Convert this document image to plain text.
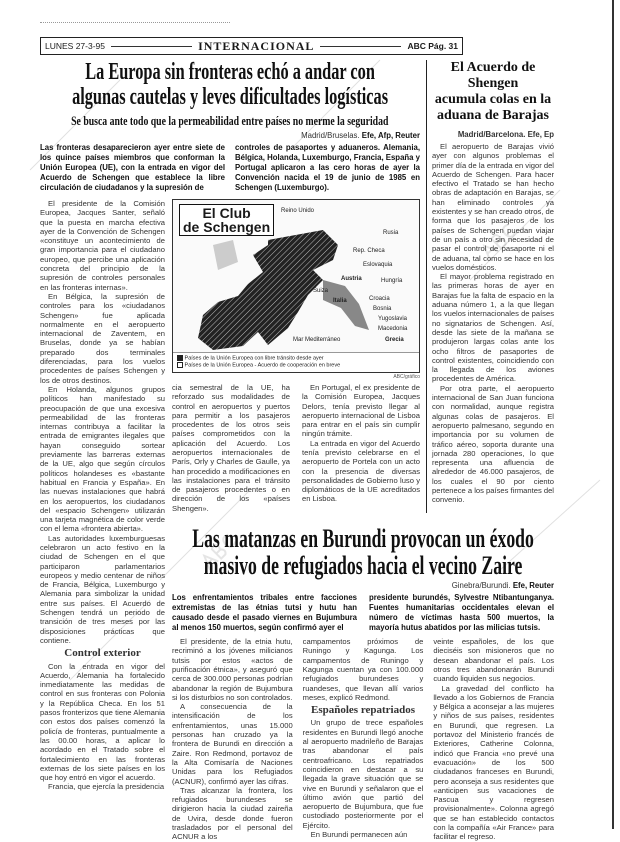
LUNES 27-3-95	INTERNACIONAL	ABC Pág. 31
La Europa sin fronteras echó a andar con
algunas cautelas y leves dificultades logísticas
Se busca ante todo que la permeabilidad entre países no merme la seguridad
Madrid/Bruselas. Efe, Afp, Reuter
Las fronteras desaparecieron ayer entre siete de los quince países miembros que conforman la Unión Europea (UE), con la entrada en vigor del Acuerdo de Schengen que establece la libre circulación de ciudadanos y la supresión de
controles de pasaportes y aduaneros. Alemania, Bélgica, Holanda, Luxemburgo, Francia, España y Portugal aplicaron a las cero horas de ayer la Convención nacida el 19 de junio de 1985 en Schengen (Luxemburgo).
El Acuerdo de Shengen
acumula colas en la
aduana de Barajas
Madrid/Barcelona. Efe, Ep

El aeropuerto de Barajas vivió ayer con algunos problemas el primer día de la entrada en vigor del Acuerdo de Schengen. Para hacer efectivo el Tratado se han hecho obras de adaptación en Barajas, se han eliminado controles ya existentes y se han creado otros, de forma que los pasajeros de los países de Schengen puedan viajar de un país a otro sin necesidad de pasar el control de pasaporte ni el de aduana, tal como se hace en los vuelos domésticos.

El mayor problema registrado en las primeras horas de ayer en Barajas fue la falta de espacio en la aduana número 1, a la que llegan los vuelos internacionales de países no signatarios de Schengen. Así, desde las siete de la mañana se produjeron largas colas ante los ocho filtros de pasaportes de control existentes, coincidiendo con la llegada de los aviones procedentes de América.

Por otra parte, el aeropuerto internacional de San Juan funciona con normalidad, aunque registra algunas colas de pasajeros. El aeropuerto palmesano, segundo en importancia por su volumen de tráfico aéreo, soporta durante una jornada 280 operaciones, lo que representa una afluencia de alrededor de 46.000 pasajeros, de los cuales el 90 por ciento pertenece a los países firmantes del convenio.

El presidente de la Comisión Europea, Jacques Santer, señaló que la puesta en marcha efectiva ayer de la Convención de Schengen «constituye un acontecimiento de gran importancia para el ciudadano europeo, que percibe una aplicación concreta del principio de la supresión de controles personales en las fronteras internas».

En Bélgica, la supresión de controles para los «ciudadanos Schengen» fue aplicada normalmente en el aeropuerto internacional de Zaventem, en Bruselas, donde ya se habían preparado dos terminales diferenciadas, para los vuelos procedentes de países Schengen y los de otros destinos.

En Holanda, algunos grupos políticos han manifestado su preocupación de que una excesiva permeabilidad de las fronteras internas contribuya a facilitar la entrada de emigrantes ilegales que hayan conseguido sortear previamente las barreras externas de la UE, algo que según círculos políticos holandeses es «bastante habitual en Francia y España». En las nuevas instalaciones que habrá en los aeropuertos, los ciudadanos del «espacio Schengen» utilizarán una tarjeta magnética de color verde con el lema «frontera abierta».

Las autoridades luxemburguesas celebraron un acto festivo en la ciudad de Schengen en el que participaron parlamentarios europeos y medio centenar de niños de Francia, Bélgica, Luxemburgo y Alemania para simbolizar la unidad entre sus países. El Acuerdo de Schengen tendrá un periodo de transición de tres meses por las disposiciones prácticas que contiene.

Control exterior

Con la entrada en vigor del Acuerdo, Alemania ha fortalecido inmediatamente las medidas de control en sus fronteras con Polonia y la República Checa. En los 51 pasos fronterizos que tiene Alemania con estos dos países comenzó la policía de fronteras, puntualmente a las 00.00 horas, a aplicar lo acordado en el Tratado sobre el fortalecimiento en las fronteras externas de los siete países en los que hoy entró en vigor el acuerdo.

Francia, que ejercía la presidencia

El Club
de Schengen
Reino Unido
Rusia
Rep. Checa
Eslovaquia
Austria	Hungría
Suiza
Italia	Croacia
Bosnia
Yugoslavia
Macedonia
Grecia
Mar Mediterráneo
Países de la Unión Europea con libre tránsito desde ayer
Países de la Unión Europea - Acuerdo de cooperación en breve
ABC/gráfico

cia semestral de la UE, ha reforzado sus modalidades de control en aeropuertos y puertos para permitir a los pasajeros procedentes de los otros seis países comprometidos con la aplicación del Acuerdo. Los aeropuertos internacionales de París, Orly y Charles de Gaulle, ya han procedido a modificaciones en las instalaciones para el tránsito de pasajeros procedentes o en dirección de los «países Shengen».

En Portugal, el ex presidente de la Comisión Europea, Jacques Delors, tenía previsto llegar al aeropuerto internacional de Lisboa para entrar en el país sin cumplir ningún trámite.

La entrada en vigor del Acuerdo tenía previsto celebrarse en el aeropuerto de Portela con un acto con la presencia de diversas personalidades de Gobierno luso y diplomáticos de la UE acreditados en Lisboa.

Las matanzas en Burundi provocan un éxodo
masivo de refugiados hacia el vecino Zaire
Ginebra/Burundi. Efe, Reuter
Los enfrentamientos tribales entre facciones extremistas de las étnias tutsi y hutu han causado desde el pasado viernes en Bujumbura al menos 150 muertos, según confirmó ayer el
presidente burundés, Sylvestre Ntibantunganya. Fuentes humanitarias occidentales elevan el número de víctimas hasta 500 muertos, la mayoría hutus abatidos por las milicias tutsis.

El presidente, de la etnia hutu, recriminó a los jóvenes milicianos tutsis por estos «actos de purificación étnica», y aseguró que cerca de 300.000 personas podrían abandonar la región de Bujumbura si los disturbios no son controlados.

A consecuencia de la intensificación de los enfrentamientos, unas 15.000 personas han cruzado ya la frontera de Burundi en dirección a Zaire. Ron Redmond, portavoz de la Alta Comisaría de Naciones Unidas para los Refugiados (ACNUR), confirmó ayer las cifras.

Tras alcanzar la frontera, los refugiados burundeses se dirigieron hacia la ciudad zaireña de Uvira, desde donde fueron trasladados por el personal del ACNUR a los

campamentos próximos de Runingo y Kagunga. Los campamentos de Runingo y Kagunga cuentan ya con 100.000 refugiados burundeses y ruandeses, que llevan allí varios meses, explicó Redmond.

Españoles repatriados

Un grupo de trece españoles residentes en Burundi llegó anoche al aeropuerto madrileño de Barajas tras abandonar el país centroafricano. Los repatriados coincidieron en destacar a su llegada la grave situación que se vive en Burundi y señalaron que el último avión que partió del aeropuerto de Bujumbura, que fue custodiado posteriormente por el Ejército.

En Burundi permanecen aún

veinte españoles, de los que dieciséis son misioneros que no desean abandonar el país. Los otros tres abandonarán Burundi cuando liquiden sus negocios.

La gravedad del conflicto ha llevado a los Gobiernos de Francia y Bélgica a aconsejar a las mujeres y niños de sus países, residentes en Burundi, que regresen. La portavoz del Ministerio francés de Exteriores, Catherine Colonna, indicó que Francia «no prevé una evacuación» de los 500 ciudadanos franceses en Burundi, pero aconseja a sus residentes que «anticipen sus vacaciones de Pascua y regresen provisionalmente». Colonna agregó que se han establecido contactos con la compañía «Air France» para facilitar el regreso.
